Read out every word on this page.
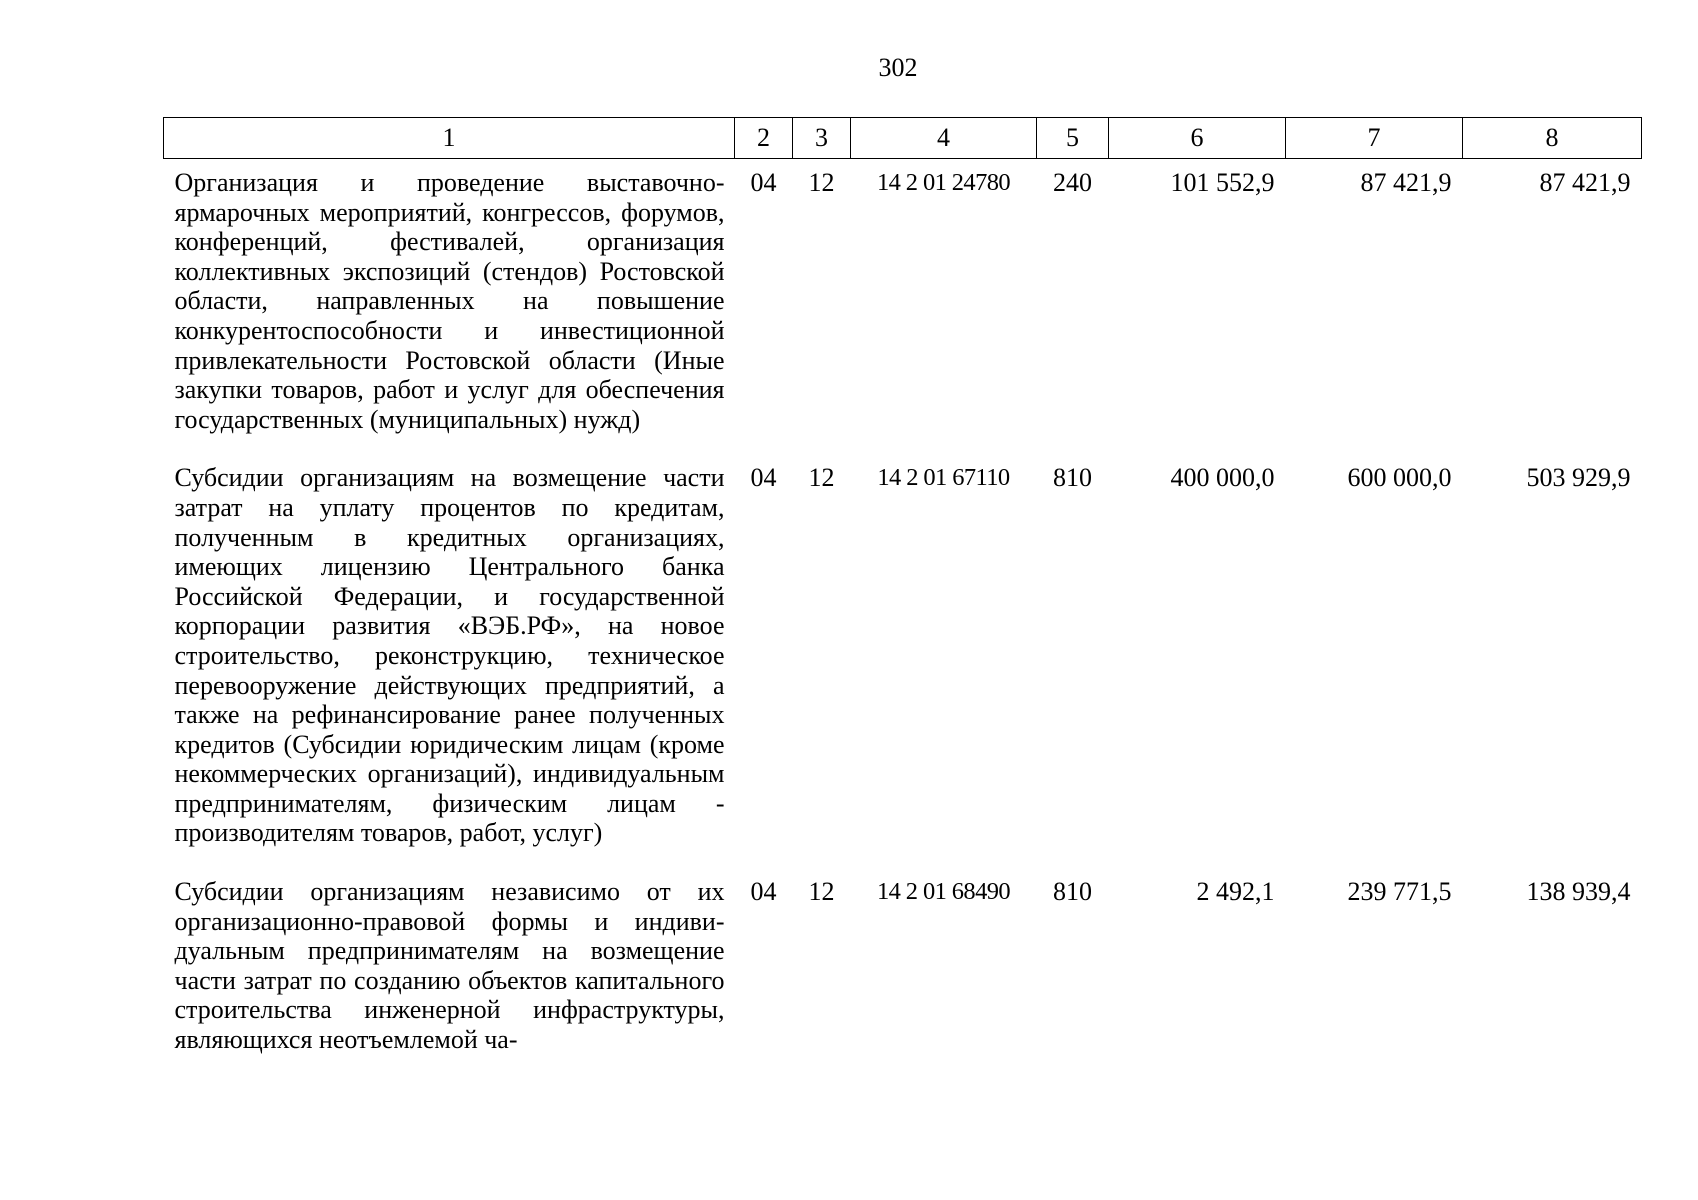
302
1	2	3	4	5	6	7	8
Организация и проведение выставочно-ярмарочных мероприятий, конгрессов, форумов, конференций, фестивалей, организация коллективных экспозиций (стендов) Ростовской области, направленных на повышение конкурентоспособности и инвестиционной привлекательности Ростовской области (Иные закупки товаров, работ и услуг для обеспечения государственных (муниципальных) нужд)	04	12	14 2 01 24780	240	101 552,9	87 421,9	87 421,9
Субсидии организациям на возмещение части затрат на уплату процентов по кредитам, полученным в кредитных организациях, имеющих лицензию Центрального банка Российской Федерации, и государственной корпорации развития «ВЭБ.РФ», на новое строительство, реконструкцию, техническое перевооружение действующих предприятий, а также на рефинансирование ранее полученных кредитов (Субсидии юридическим лицам (кроме некоммерческих организаций), индивидуальным предпринимателям, физическим лицам - производителям товаров, работ, услуг)	04	12	14 2 01 67110	810	400 000,0	600 000,0	503 929,9
Субсидии организациям независимо от их организационно-правовой формы и индивидуальным предпринимателям на возмещение части затрат по созданию объектов капитального строительства инженерной инфраструктуры, являющихся неотъемлемой ча-	04	12	14 2 01 68490	810	2 492,1	239 771,5	138 939,4
